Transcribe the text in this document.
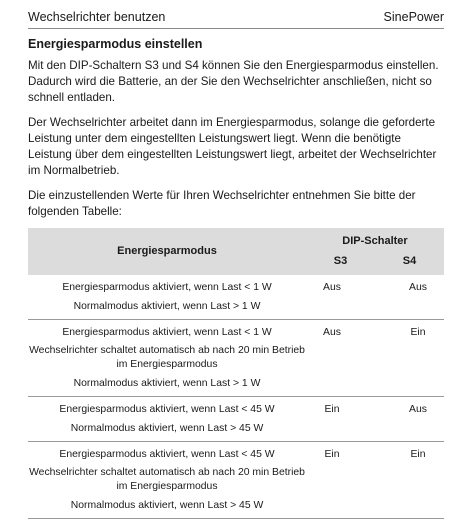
Wechselrichter benutzen	SinePower
Energiesparmodus einstellen

Mit den DIP-Schaltern S3 und S4 können Sie den Energiesparmodus einstellen. Dadurch wird die Batterie, an der Sie den Wechselrichter anschließen, nicht so schnell entladen.

Der Wechselrichter arbeitet dann im Energiesparmodus, solange die geforderte Leistung unter dem eingestellten Leistungswert liegt. Wenn die benötigte Leistung über dem eingestellten Leistungswert liegt, arbeitet der Wechselrichter im Normalbetrieb.

Die einzustellenden Werte für Ihren Wechselrichter entnehmen Sie bitte der folgenden Tabelle:

Energiesparmodus	DIP-Schalter	
	S3	S4

Energiesparmodus aktiviert, wenn Last < 1 W
Normalmodus aktiviert, wenn Last > 1 W	Aus	Aus

Energiesparmodus aktiviert, wenn Last < 1 W
Wechselrichter schaltet automatisch ab nach 20 min Betrieb im Energiesparmodus
Normalmodus aktiviert, wenn Last > 1 W	Aus	Ein

Energiesparmodus aktiviert, wenn Last < 45 W
Normalmodus aktiviert, wenn Last > 45 W	Ein	Aus

Energiesparmodus aktiviert, wenn Last < 45 W
Wechselrichter schaltet automatisch ab nach 20 min Betrieb im Energiesparmodus
Normalmodus aktiviert, wenn Last > 45 W	Ein	Ein
